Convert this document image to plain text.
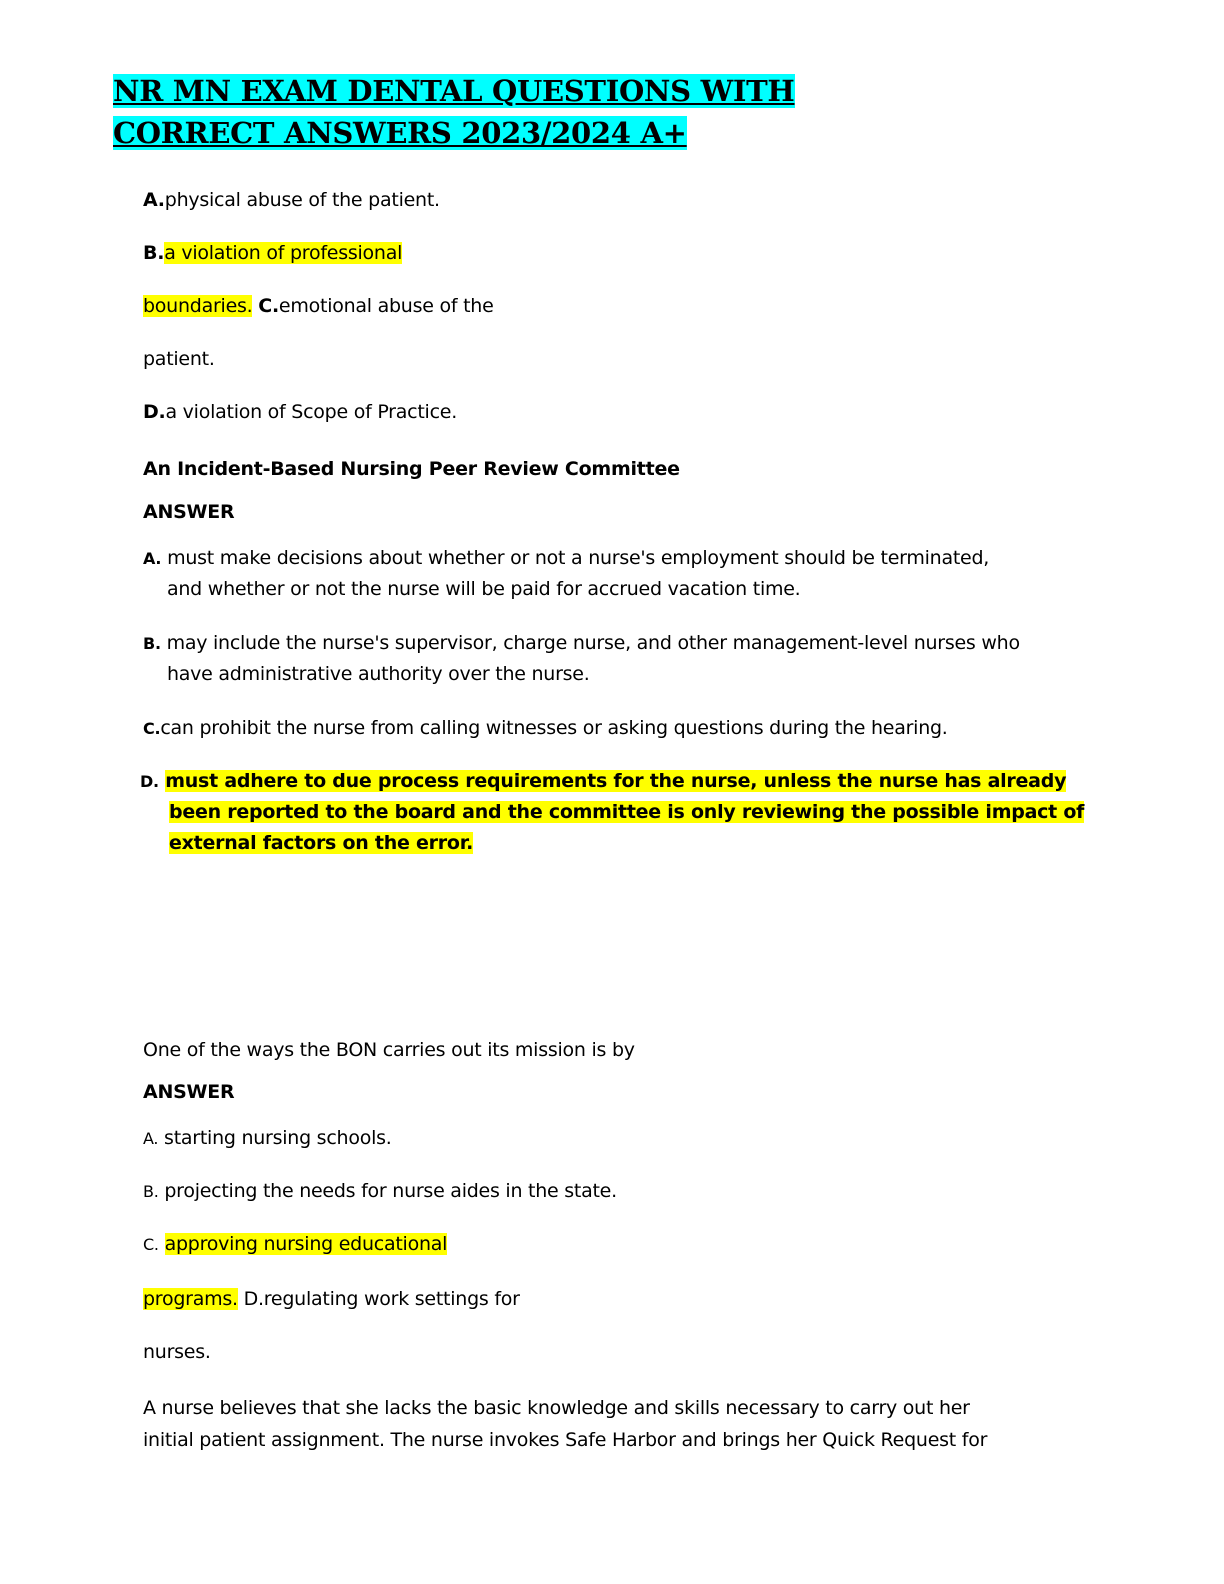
NR MN EXAM DENTAL QUESTIONS WITH CORRECT ANSWERS 2023/2024 A+
A.physical abuse of the patient.
B.a violation of professional
boundaries. C.emotional abuse of the
patient.
D.a violation of Scope of Practice.
An Incident-Based Nursing Peer Review Committee
ANSWER
A. must make decisions about whether or not a nurse's employment should be terminated,
and whether or not the nurse will be paid for accrued vacation time.
B. may include the nurse's supervisor, charge nurse, and other management-level nurses who
have administrative authority over the nurse.
C.can prohibit the nurse from calling witnesses or asking questions during the hearing.
D. must adhere to due process requirements for the nurse, unless the nurse has already
been reported to the board and the committee is only reviewing the possible impact of
external factors on the error.
One of the ways the BON carries out its mission is by
ANSWER
A. starting nursing schools.
B. projecting the needs for nurse aides in the state.
C. approving nursing educational
programs. D.regulating work settings for
nurses.
A nurse believes that she lacks the basic knowledge and skills necessary to carry out her
initial patient assignment. The nurse invokes Safe Harbor and brings her Quick Request for
